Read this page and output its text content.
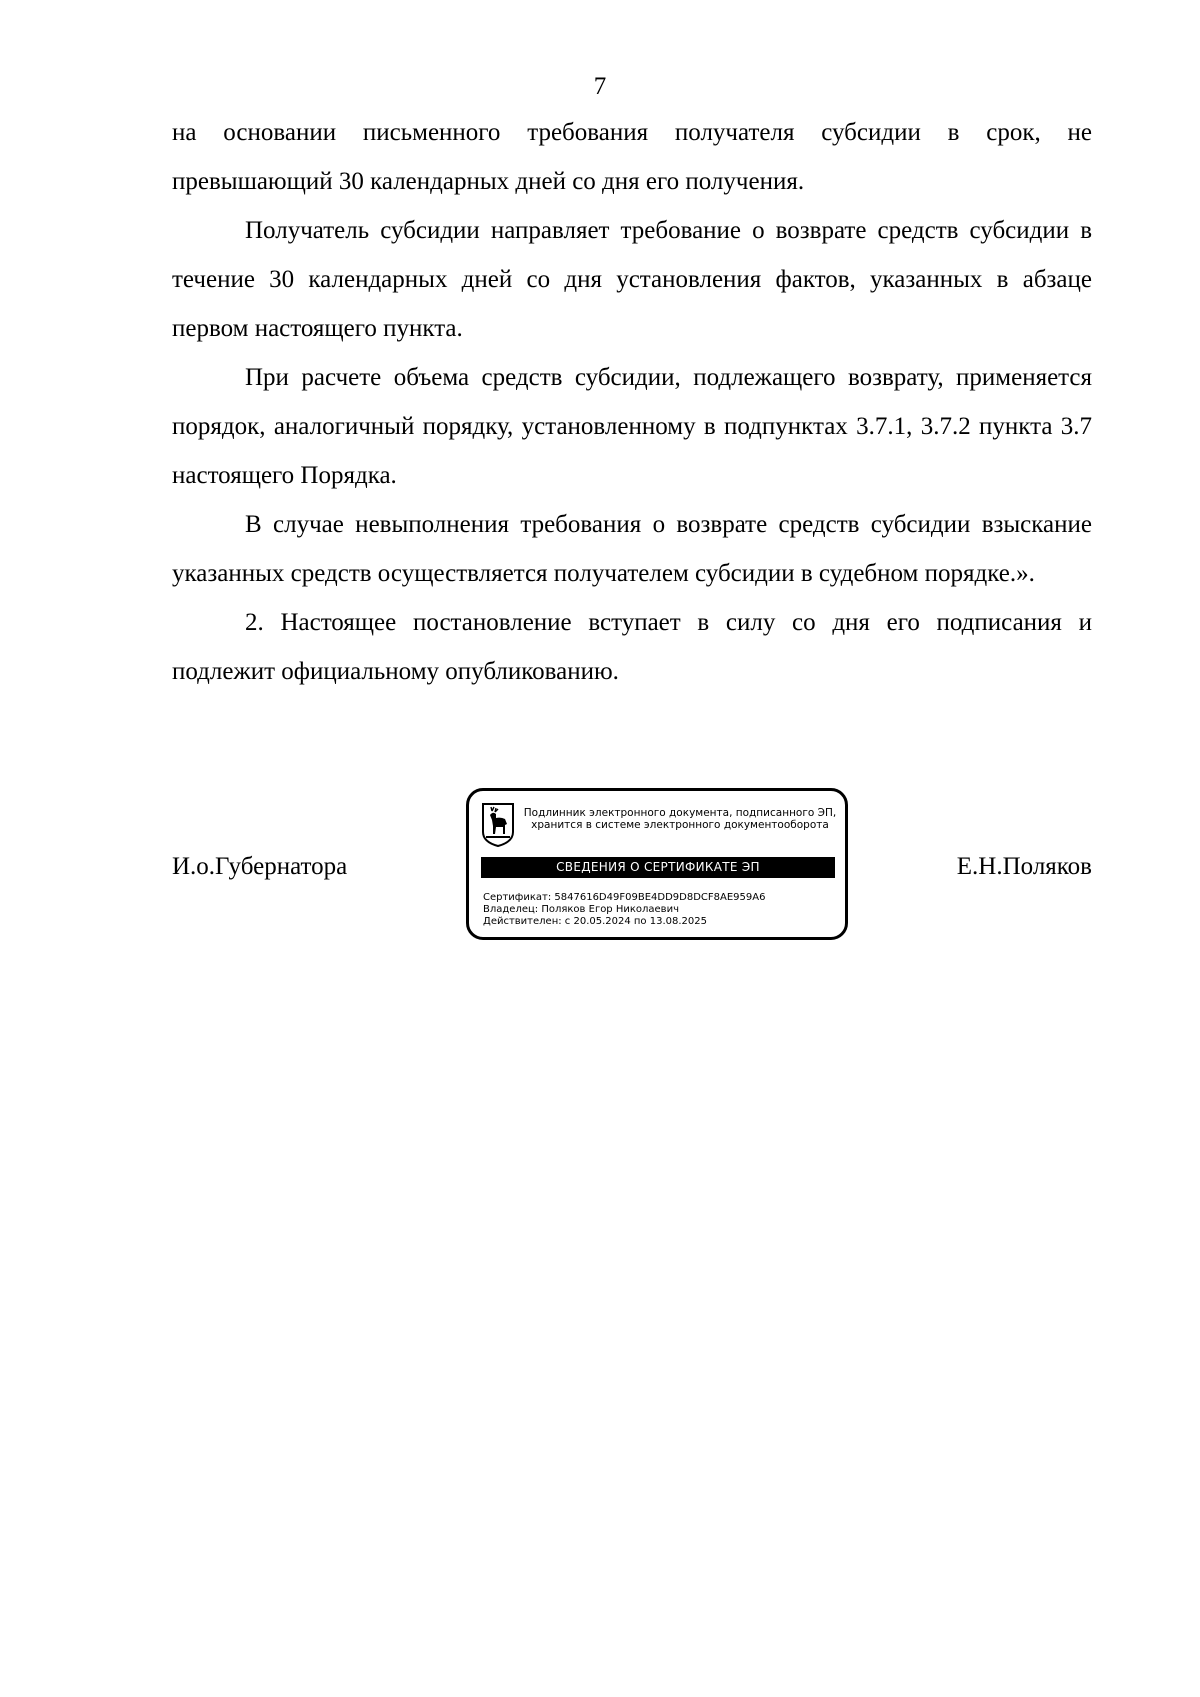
7

на основании письменного требования получателя субсидии в срок, не превышающий 30 календарных дней со дня его получения.

Получатель субсидии направляет требование о возврате средств субсидии в течение 30 календарных дней со дня установления фактов, указанных в абзаце первом настоящего пункта.

При расчете объема средств субсидии, подлежащего возврату, применяется

порядок, аналогичный порядку, установленному в подпунктах 3.7.1, 3.7.2 пункта 3.7 настоящего Порядка.

В случае невыполнения требования о возврате средств субсидии взыскание указанных средств осуществляется получателем субсидии в судебном порядке.».

2. Настоящее постановление вступает в силу со дня его подписания и подлежит официальному опубликованию.

И.о.Губернатора	Е.Н.Поляков
Подлинник электронного документа, подписанного ЭП, хранится в системе электронного документооборота
СВЕДЕНИЯ О СЕРТИФИКАТЕ ЭП
Сертификат: 5847616D49F09BE4DD9D8DCF8AE959A6
Владелец: Поляков Егор Николаевич
Действителен: с 20.05.2024 по 13.08.2025
